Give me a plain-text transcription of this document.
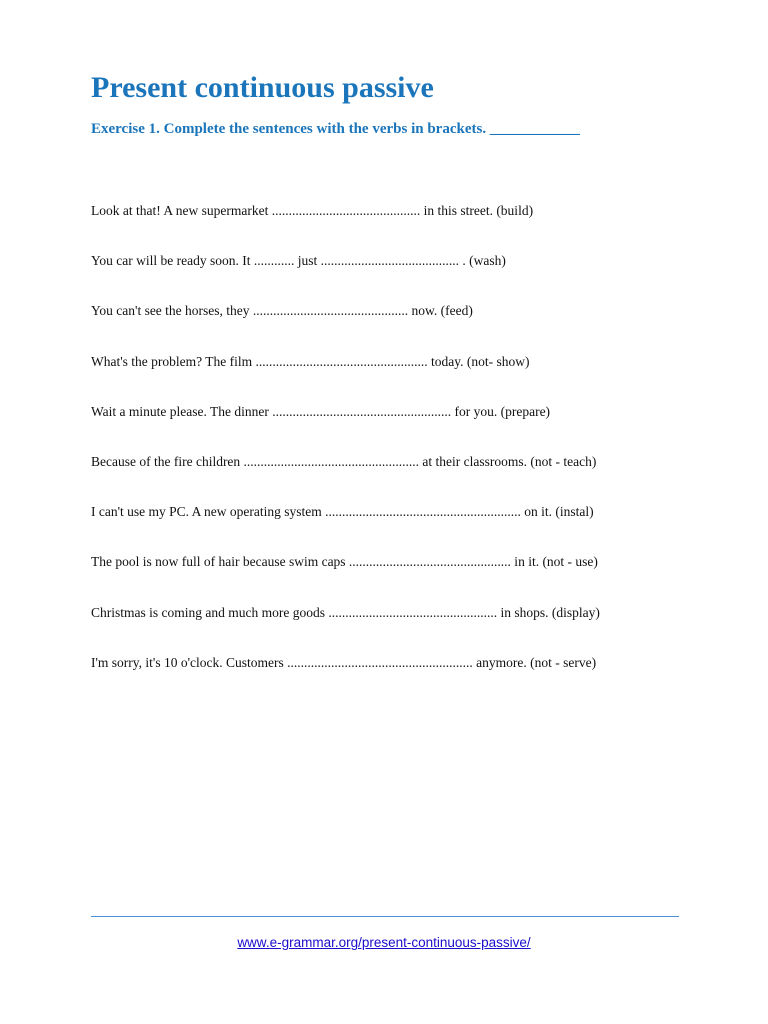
Present continuous passive
Exercise 1. Complete the sentences with the verbs in brackets. ____________
Look at that! A new supermarket ............................................ in this street. (build)
You car will be ready soon. It ............ just ......................................... . (wash)
You can't see the horses, they .............................................. now. (feed)
What's the problem? The film ................................................... today. (not- show)
Wait a minute please. The dinner ..................................................... for you. (prepare)
Because of the fire children .................................................... at their classrooms. (not - teach)
I can't use my PC. A new operating system .......................................................... on it. (instal)
The pool is now full of hair because swim caps ................................................ in it. (not - use)
Christmas is coming and much more goods .................................................. in shops. (display)
I'm sorry, it's 10 o'clock. Customers ....................................................... anymore. (not - serve)
www.e-grammar.org/present-continuous-passive/
